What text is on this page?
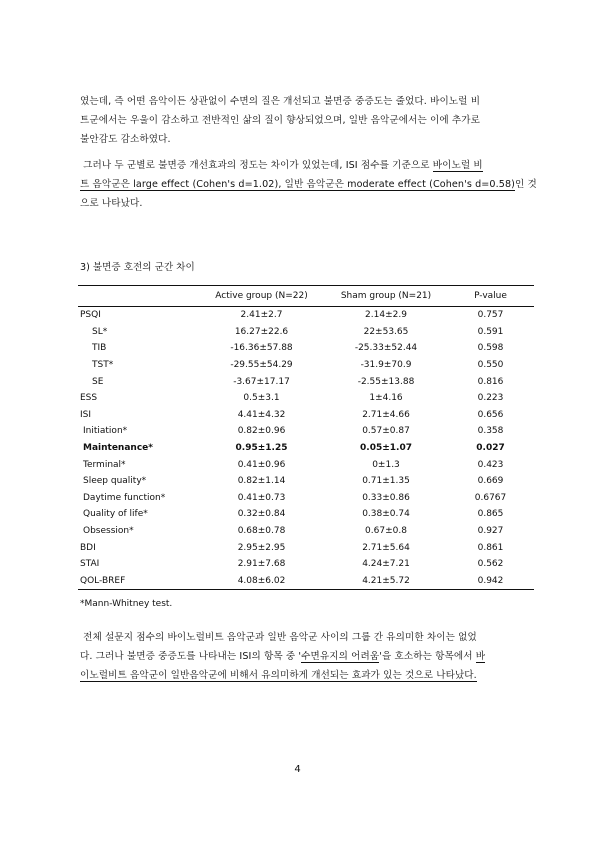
였는데, 즉 어떤 음악이든 상관없이 수면의 질은 개선되고 불면증 중증도는 줄었다. 바이노럴 비
트군에서는 우울이 감소하고 전반적인 삶의 질이 향상되었으며, 일반 음악군에서는 이에 추가로
불안감도 감소하였다.
그러나 두 군별로 불면증 개선효과의 정도는 차이가 있었는데, ISI 점수를 기준으로 바이노럴 비
트 음악군은 large effect (Cohen's d=1.02), 일반 음악군은 moderate effect (Cohen's d=0.58)인 것
으로 나타났다.
3) 불면증 호전의 군간 차이
	Active group (N=22)	Sham group (N=21)	P-value
PSQI	2.41±2.7	2.14±2.9	0.757
SL*	16.27±22.6	22±53.65	0.591
TIB	-16.36±57.88	-25.33±52.44	0.598
TST*	-29.55±54.29	-31.9±70.9	0.550
SE	-3.67±17.17	-2.55±13.88	0.816
ESS	0.5±3.1	1±4.16	0.223
ISI	4.41±4.32	2.71±4.66	0.656
Initiation*	0.82±0.96	0.57±0.87	0.358
Maintenance*	0.95±1.25	0.05±1.07	0.027
Terminal*	0.41±0.96	0±1.3	0.423
Sleep quality*	0.82±1.14	0.71±1.35	0.669
Daytime function*	0.41±0.73	0.33±0.86	0.6767
Quality of life*	0.32±0.84	0.38±0.74	0.865
Obsession*	0.68±0.78	0.67±0.8	0.927
BDI	2.95±2.95	2.71±5.64	0.861
STAI	2.91±7.68	4.24±7.21	0.562
QOL-BREF	4.08±6.02	4.21±5.72	0.942
*Mann-Whitney test.
전체 설문지 점수의 바이노럴비트 음악군과 일반 음악군 사이의 그룹 간 유의미한 차이는 없었
다. 그러나 불면증 중증도를 나타내는 ISI의 항목 중 '수면유지의 어려움'을 호소하는 항목에서 바
이노럴비트 음악군이 일반음악군에 비해서 유의미하게 개선되는 효과가 있는 것으로 나타났다.
4
